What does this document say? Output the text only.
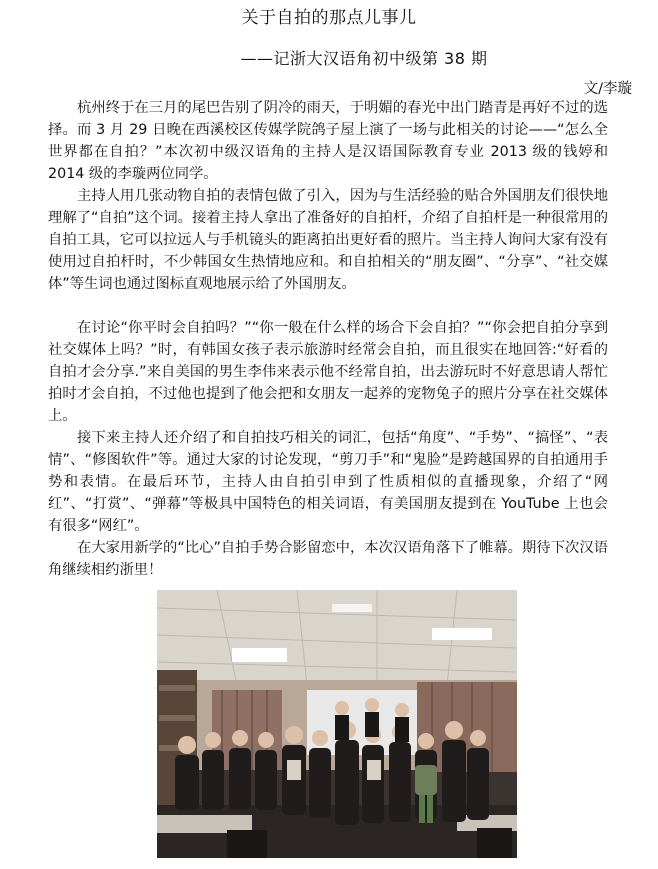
关于自拍的那点儿事儿
——记浙大汉语角初中级第 38 期
文/李璇

杭州终于在三月的尾巴告别了阴冷的雨天，于明媚的春光中出门踏青是再好不过的选择。而 3 月 29 日晚在西溪校区传媒学院鸽子屋上演了一场与此相关的讨论——“怎么全世界都在自拍？”本次初中级汉语角的主持人是汉语国际教育专业 2013 级的钱婷和 2014 级的李璇两位同学。

主持人用几张动物自拍的表情包做了引入，因为与生活经验的贴合外国朋友们很快地理解了“自拍”这个词。接着主持人拿出了准备好的自拍杆，介绍了自拍杆是一种很常用的自拍工具，它可以拉远人与手机镜头的距离拍出更好看的照片。当主持人询问大家有没有使用过自拍杆时，不少韩国女生热情地应和。和自拍相关的“朋友圈”、“分享”、“社交媒体”等生词也通过图标直观地展示给了外国朋友。

在讨论“你平时会自拍吗？”“你一般在什么样的场合下会自拍？”“你会把自拍分享到社交媒体上吗？”时，有韩国女孩子表示旅游时经常会自拍，而且很实在地回答:“好看的自拍才会分享.”来自美国的男生李伟来表示他不经常自拍，出去游玩时不好意思请人帮忙拍时才会自拍，不过他也提到了他会把和女朋友一起养的宠物兔子的照片分享在社交媒体上。

接下来主持人还介绍了和自拍技巧相关的词汇，包括“角度”、“手势”、“搞怪”、“表情”、“修图软件”等。通过大家的讨论发现，“剪刀手”和“鬼脸”是跨越国界的自拍通用手势和表情。在最后环节，主持人由自拍引申到了性质相似的直播现象，介绍了“网红”、“打赏”、“弹幕”等极具中国特色的相关词语，有美国朋友提到在 YouTube 上也会有很多“网红”。

在大家用新学的“比心”自拍手势合影留恋中，本次汉语角落下了帷幕。期待下次汉语角继续相约浙里！
